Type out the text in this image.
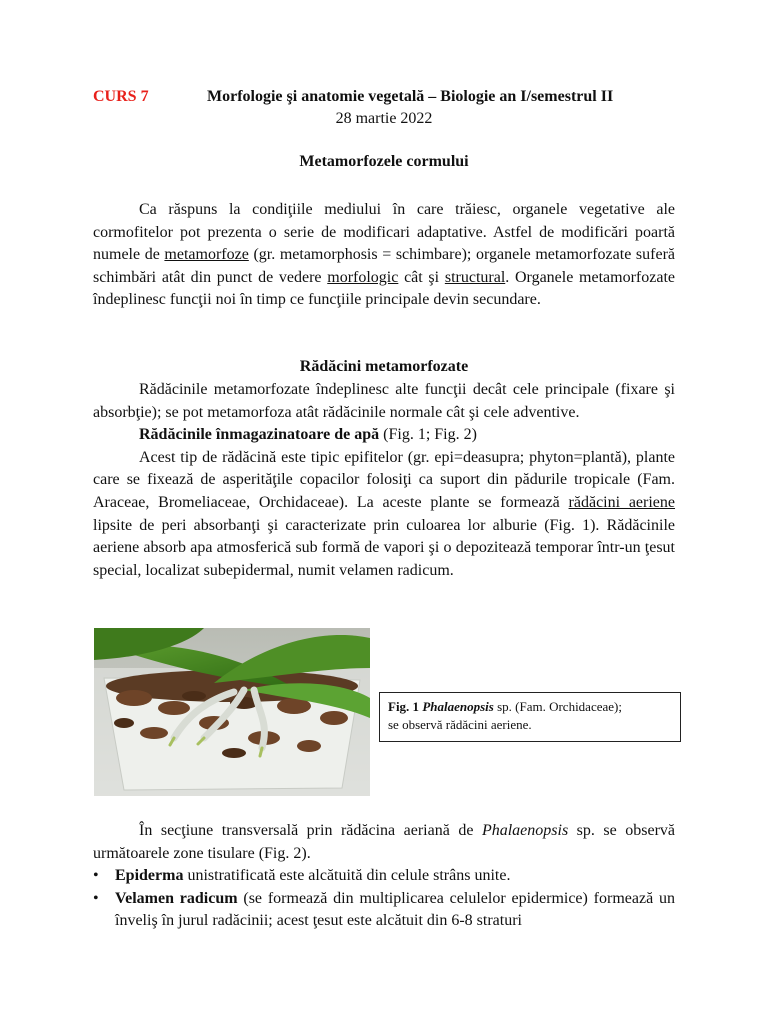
CURS 7	Morfologie şi anatomie vegetală – Biologie an I/semestrul II
28 martie 2022
Metamorfozele cormului

Ca răspuns la condiţiile mediului în care trăiesc, organele vegetative ale cormofitelor pot prezenta o serie de modificari adaptative. Astfel de modificări poartă numele de metamorfoze (gr. metamorphosis = schimbare); organele metamorfozate suferă schimbări atât din punct de vedere morfologic cât şi structural. Organele metamorfozate îndeplinesc funcţii noi în timp ce funcţiile principale devin secundare.

Rădăcini metamorfozate

Rădăcinile metamorfozate îndeplinesc alte funcţii decât cele principale (fixare şi absorbţie); se pot metamorfoza atât rădăcinile normale cât şi cele adventive.

Rădăcinile înmagazinatoare de apă (Fig. 1; Fig. 2)

Acest tip de rădăcină este tipic epifitelor (gr. epi=deasupra; phyton=plantă), plante care se fixează de asperităţile copacilor folosiţi ca suport din pădurile tropicale (Fam. Araceae, Bromeliaceae, Orchidaceae). La aceste plante se formează rădăcini aeriene lipsite de peri absorbanţi şi caracterizate prin culoarea lor alburie (Fig. 1). Rădăcinile aeriene absorb apa atmosferică sub formă de vapori şi o depozitează temporar într-un ţesut special, localizat subepidermal, numit velamen radicum.

Fig. 1 Phalaenopsis sp. (Fam. Orchidaceae);
se observă rădăcini aeriene.

În secţiune transversală prin rădăcina aeriană de Phalaenopsis sp. se observă următoarele zone tisulare (Fig. 2).

• Epiderma unistratificată este alcătuită din celule strâns unite.
• Velamen radicum (se formează din multiplicarea celulelor epidermice) formează un înveliş în jurul radăcinii; acest ţesut este alcătuit din 6-8 straturi
